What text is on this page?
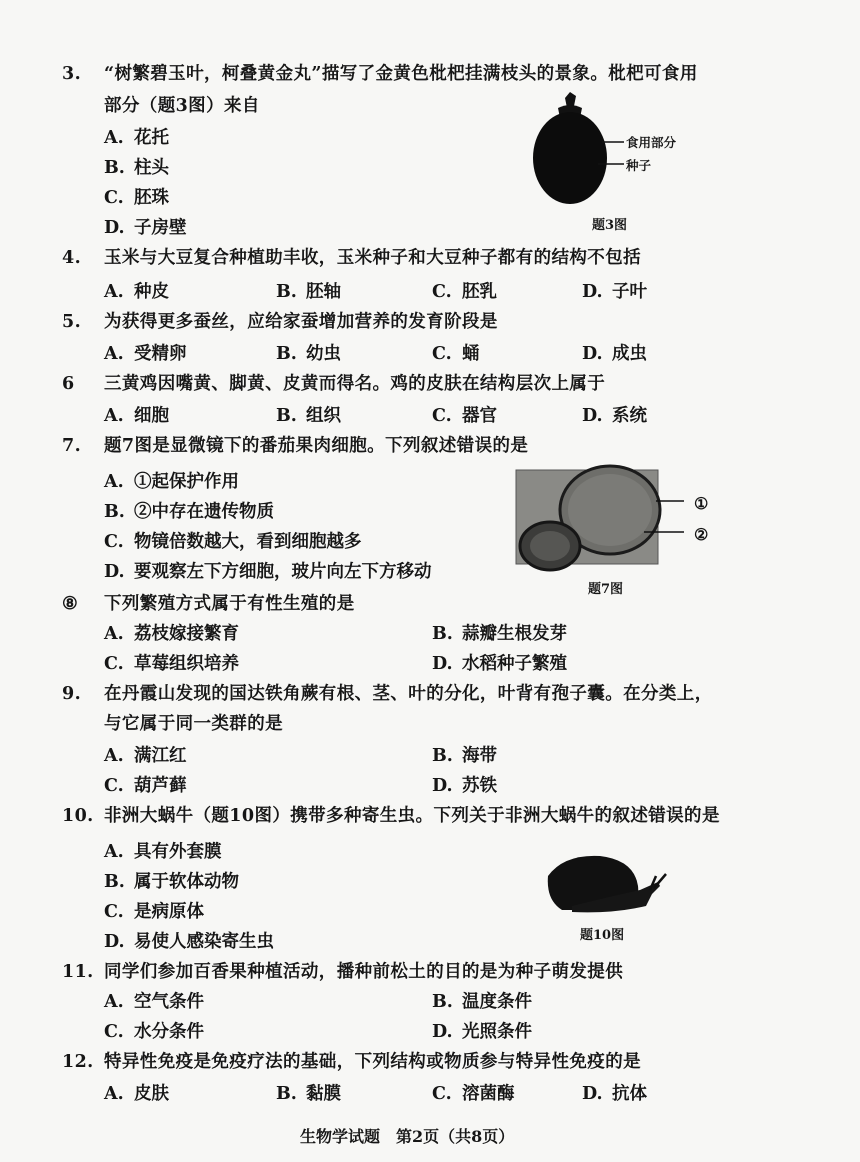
3. “树繁碧玉叶，柯叠黄金丸”描写了金黄色枇杷挂满枝头的景象。枇杷可食用
部分（题3图）来自
A. 花托
B. 柱头
C. 胚珠
D. 子房壁
食用部分
种子
题3图
4. 玉米与大豆复合种植助丰收，玉米种子和大豆种子都有的结构不包括
A. 种皮	B. 胚轴	C. 胚乳	D. 子叶
5. 为获得更多蚕丝，应给家蚕增加营养的发育阶段是
A. 受精卵	B. 幼虫	C. 蛹	D. 成虫
6 三黄鸡因嘴黄、脚黄、皮黄而得名。鸡的皮肤在结构层次上属于
A. 细胞	B. 组织	C. 器官	D. 系统
7. 题7图是显微镜下的番茄果肉细胞。下列叙述错误的是
A. ①起保护作用
B. ②中存在遗传物质
C. 物镜倍数越大，看到细胞越多
D. 要观察左下方细胞，玻片向左下方移动
①
②
题7图
⑧ 下列繁殖方式属于有性生殖的是
A. 荔枝嫁接繁育	B. 蒜瓣生根发芽
C. 草莓组织培养	D. 水稻种子繁殖
9. 在丹霞山发现的国达铁角蕨有根、茎、叶的分化，叶背有孢子囊。在分类上，
与它属于同一类群的是
A. 满江红	B. 海带
C. 葫芦藓	D. 苏铁
10. 非洲大蜗牛（题10图）携带多种寄生虫。下列关于非洲大蜗牛的叙述错误的是
A. 具有外套膜
B. 属于软体动物
C. 是病原体
D. 易使人感染寄生虫	题10图
11. 同学们参加百香果种植活动，播种前松土的目的是为种子萌发提供
A. 空气条件	B. 温度条件
C. 水分条件	D. 光照条件
12. 特异性免疫是免疫疗法的基础，下列结构或物质参与特异性免疫的是
A. 皮肤	B. 黏膜	C. 溶菌酶	D. 抗体
生物学试题　第2页（共8页）
